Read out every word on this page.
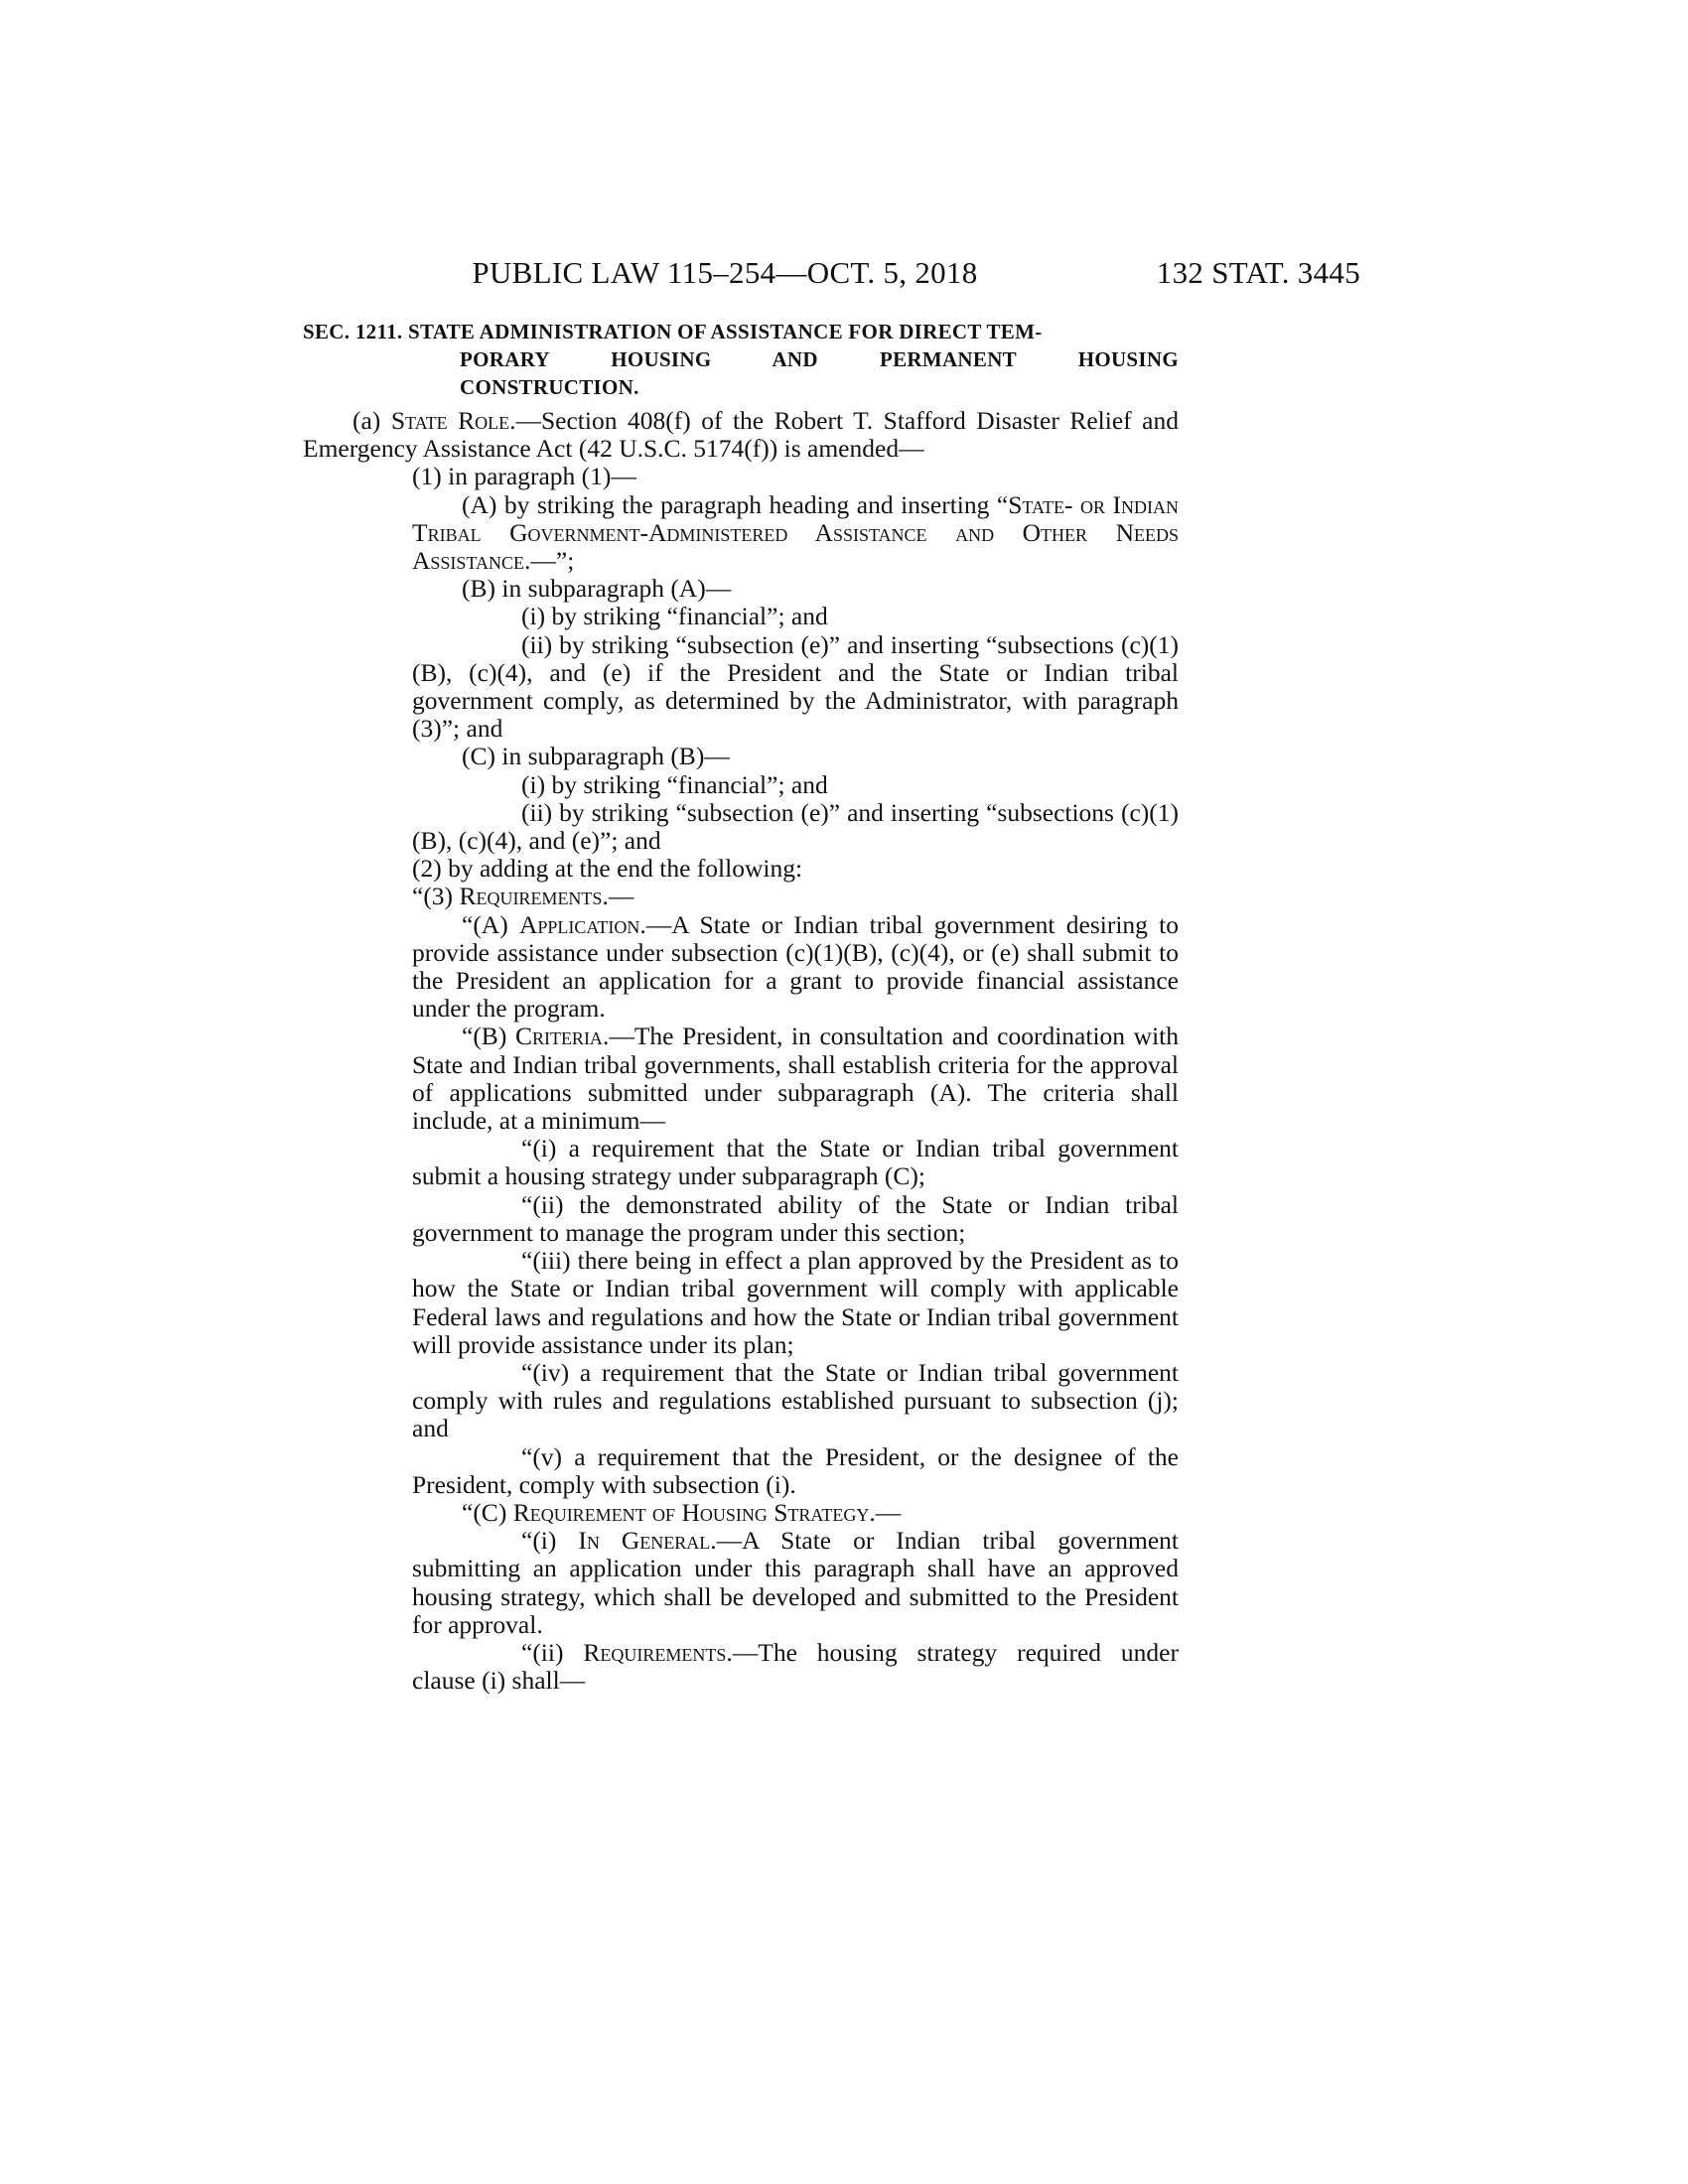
PUBLIC LAW 115–254—OCT. 5, 2018	132 STAT. 3445
SEC. 1211. STATE ADMINISTRATION OF ASSISTANCE FOR DIRECT TEM-
PORARY HOUSING AND PERMANENT HOUSING
CONSTRUCTION.

(a) State Role.—Section 408(f) of the Robert T. Stafford Disaster Relief and Emergency Assistance Act (42 U.S.C. 5174(f)) is amended—

(1) in paragraph (1)—

(A) by striking the paragraph heading and inserting “State- or Indian Tribal Government-Administered Assistance and Other Needs Assistance.—”;

(B) in subparagraph (A)—

(i) by striking “financial”; and

(ii) by striking “subsection (e)” and inserting “subsections (c)(1)(B), (c)(4), and (e) if the President and the State or Indian tribal government comply, as determined by the Administrator, with paragraph (3)”; and

(C) in subparagraph (B)—

(i) by striking “financial”; and

(ii) by striking “subsection (e)” and inserting “subsections (c)(1)(B), (c)(4), and (e)”; and

(2) by adding at the end the following:

“(3) Requirements.—

“(A) Application.—A State or Indian tribal government desiring to provide assistance under subsection (c)(1)(B), (c)(4), or (e) shall submit to the President an application for a grant to provide financial assistance under the program.

“(B) Criteria.—The President, in consultation and coordination with State and Indian tribal governments, shall establish criteria for the approval of applications submitted under subparagraph (A). The criteria shall include, at a minimum—

“(i) a requirement that the State or Indian tribal government submit a housing strategy under subparagraph (C);

“(ii) the demonstrated ability of the State or Indian tribal government to manage the program under this section;

“(iii) there being in effect a plan approved by the President as to how the State or Indian tribal government will comply with applicable Federal laws and regulations and how the State or Indian tribal government will provide assistance under its plan;

“(iv) a requirement that the State or Indian tribal government comply with rules and regulations established pursuant to subsection (j); and

“(v) a requirement that the President, or the designee of the President, comply with subsection (i).

“(C) Requirement of Housing Strategy.—

“(i) In General.—A State or Indian tribal government submitting an application under this paragraph shall have an approved housing strategy, which shall be developed and submitted to the President for approval.

“(ii) Requirements.—The housing strategy required under clause (i) shall—
